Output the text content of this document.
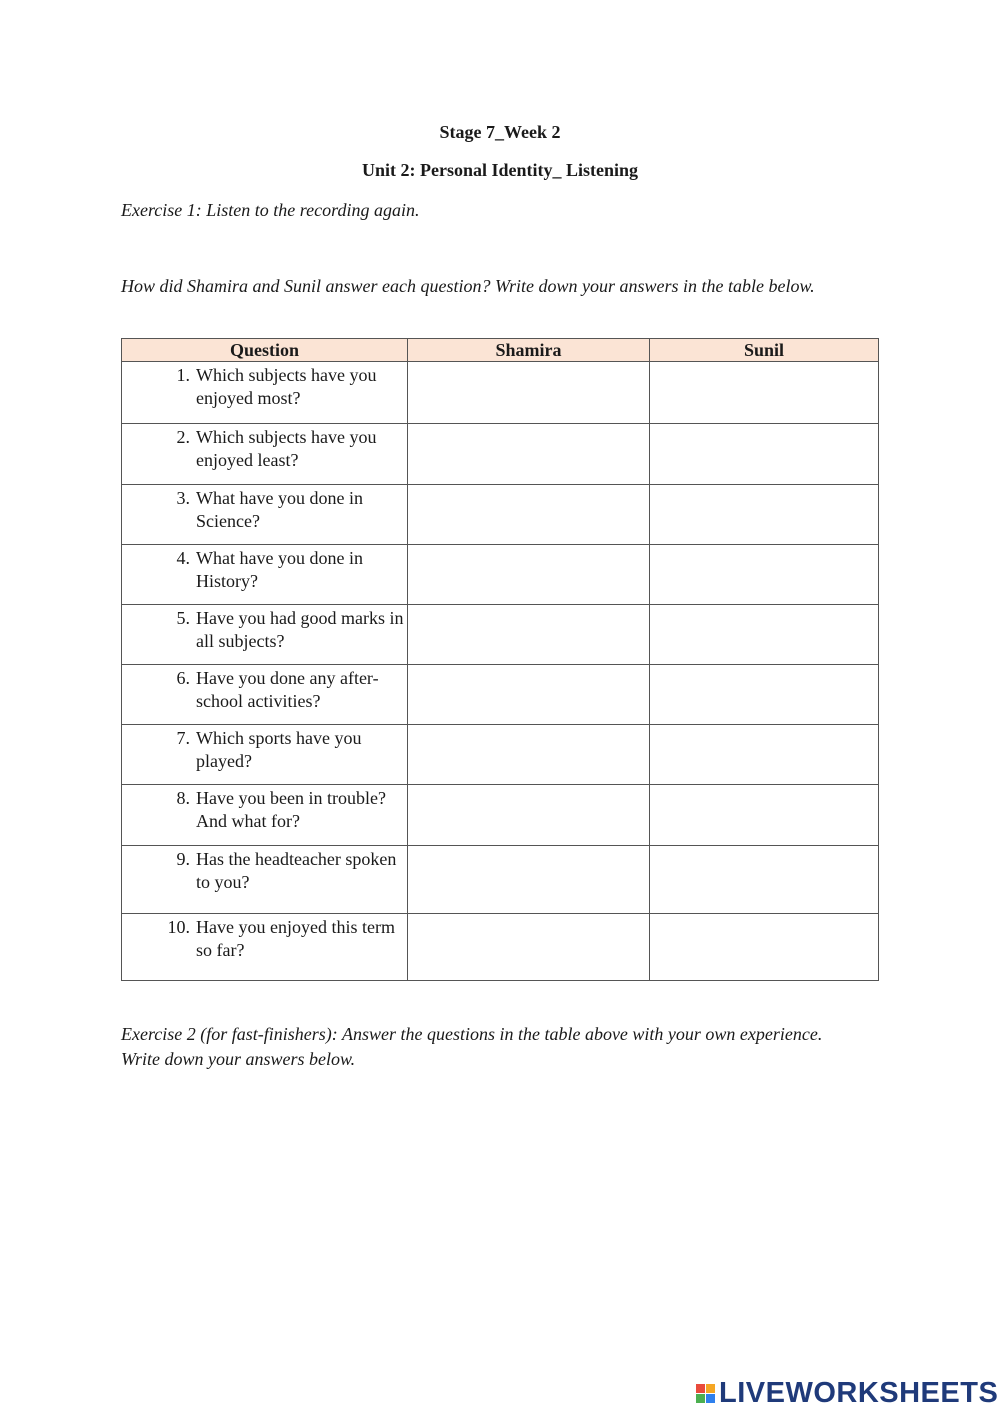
Stage 7_Week 2
Unit 2: Personal Identity_ Listening
Exercise 1: Listen to the recording again.
How did Shamira and Sunil answer each question? Write down your answers in the table below.
Question	Shamira	Sunil

1. Which subjects have you enjoyed most?		

2. Which subjects have you enjoyed least?		

3. What have you done in Science?		

4. What have you done in History?		

5. Have you had good marks in all subjects?		

6. Have you done any after-school activities?		

7. Which sports have you played?		

8. Have you been in trouble? And what for?		

9. Has the headteacher spoken to you?		

10. Have you enjoyed this term so far?		

Exercise 2 (for fast-finishers): Answer the questions in the table above with your own experience. Write down your answers below.
LIVEWORKSHEETS
